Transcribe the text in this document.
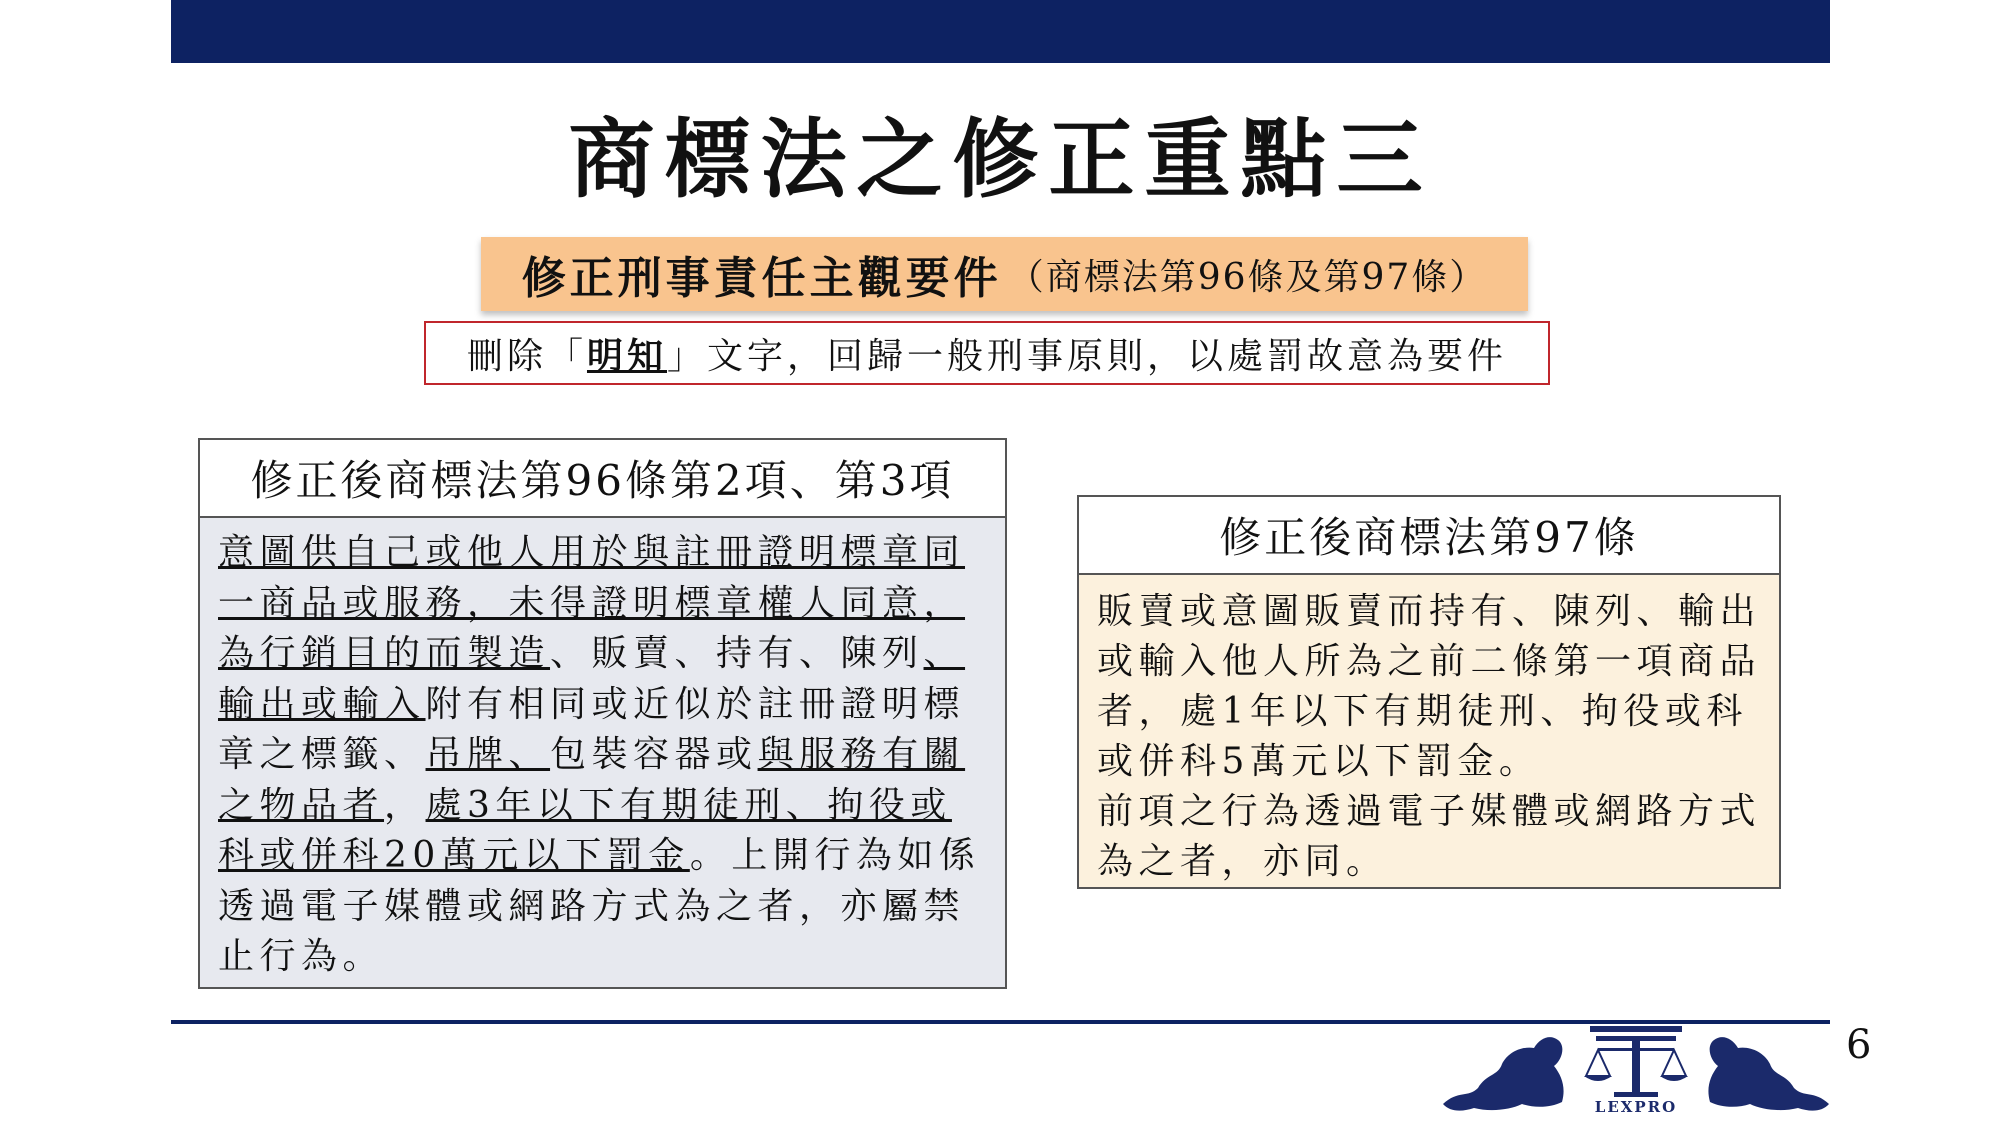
商標法之修正重點三
修正刑事責任主觀要件 （商標法第96條及第97條）
刪除「 明知 」文字，回歸一般刑事原則，以處罰故意為要件
修正後商標法第96條第2項、第3項
意圖供自己或他人用於與註冊證明標章同一商品或服務，未得證明標章權人同意，為行銷目的而製造、販賣、持有、陳列、輸出或輸入附有相同或近似於註冊證明標章之標籤、吊牌、包裝容器或與服務有關之物品者，處3年以下有期徒刑、拘役或科或併科20萬元以下罰金。上開行為如係透過電子媒體或網路方式為之者，亦屬禁止行為。
修正後商標法第97條
販賣或意圖販賣而持有、陳列、輸出或輸入他人所為之前二條第一項商品者，處1年以下有期徒刑、拘役或科或併科5萬元以下罰金。
前項之行為透過電子媒體或網路方式為之者，亦同。
LEXPRO
6
